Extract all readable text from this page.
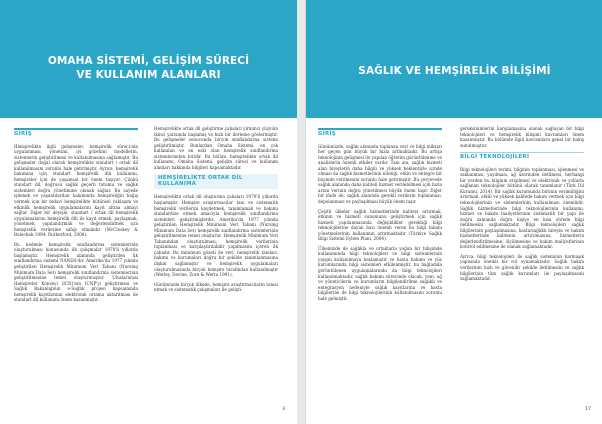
OMAHA SİSTEMİ, GELİŞİM SÜRECİ
VE KULLANIM ALANLARI
GİRİŞ

Hemşirelikte ilgili gelişmeler, hemşirelik süreci-nin uygulanması, yönetimi, iyi gözetimi modellerin, sistemlerin geliştirilmesi ve kullanılmasına sağlamıştır. Bu gelişmeler doğal olarak hemşirelikte standart / ortak dil kullanılmasını zorunlu hale getirmiştir. Ayrıca, hemşirelik bakımına için standart hemşirelik dili kullanımı, hemşireler için de yaşamsal bir önem taşıyor. Çünkü standart dil, doğrusu sağlık geçerli tutumu ve sağlık sistemleri doğru yönetimine olanak sağlar. Bu sayede işlemek ve yaşantılardan bakımında hemşireliğin bağış vermek için bir tedavi hemşirelikte bütünsel yaklaşım ve etkinlik hemşirelik uygulamalarını kayıt altına almayı sağlar. Diğer bir deyişle, standart / ortak dil hemşirelik uygulamalarını hemşirelik dili ile kayıt etmek, paylaşmak, yönetmek, yapılandırmak ve değerlendirmek için hemşirelik verilerine sahip olmalıdır (McCloskey & Bulechek,1994; Rutherford, 2008).

Bu nedenle hemşirelik sınıflandırma sistemlerinin oluşturulması konusunda ilk çalışmalar 1970'li yıllarda başlamıştır. Hemşirelik alanında geliştirilen ilk sınıflandırma sistemi NANDA'dır. Amerika'da 1977 yılında geliştirilen Hemşirelik Minimum Veri Tabanı (Nursing Minimum Data Set) hemşirelik sınıflandırma sistemlerinin geliştirilmesine temel oluşturmuştur. Uluslararası Hemşireler Konseyi (ICN)'nin ICNP'yi geliştirmesi ve Sağlık Bakanlığının e-Sağlık projesi kapsamında hemşirelik kayıtlarının elektronik ortama aktarılması ile standart dil kullanımı önem kazanmıştır.

Hemşirelikte ortak dil geliştirme çabaları yirminci yüzyılın ikinci yarısında başlamış ve hızlı bir ilerleme göstermiştir. Bu gelişmeler sonucunda birçok sınıflandırma sistemi geliştirilmiştir. Bunlardan Omaha Sistemi, en çok kullanılan ve en eski olan hemşirelik sınıflandırma sistemlerinden biridir. Bu bölüm, hemşirelikte ortak dil kullanımı, Omaha Sistemi, gelişim süreci ve kullanım alanları hakkında bilgileri kapsamaktadır.

HEMŞİRELİKTE ORTAK DİL
KULLANIMA

Hemşirelikte ortak dil oluşturma çabaları 1970'li yıllarda başlamıştır. Hemşire araştırmacılar tanı ve sistematik hemşirelik verilerini kaydetmek, tanımlamak ve bakımı standardize etmek amacıyla hemşirelik sınıflandırma sistemleri geliştirmişlerdir. Amerika'da 1977 yılında geliştirilen Hemşirelik Minimum Veri Tabanı (Nursing Minimum Data Set) hemşirelik sınıflandırma sistemlerinin geliştirilmesine temel oluşturur. Hemşirelik Minimum Veri Tabanından oluşturulması, hemşirelik verilerinin toplanması ve karşılaştırılabilir yapılmasını içeren ilk çabadır. Bu minimum gözeti de veri, hemşirelik tanıları, bakımı ve korumaları doğru bir şekilde tanımlanmasına ilişkin sağlamıştır ve hemşirelik uygulamaları oluşturulmasında birçok hemşire tarafından kullanılmıştır (Werley, Devine, Zorn & Werta 1991).

Günümüzde birçok ülkede, hemşire araştırmacıların tanısı etmek ve sistematik çalışmaları ile gelişti-

3
SAĞLIK VE HEMŞİRELİK BİLİŞİMİ
GİRİŞ

Günümüzde, sağlık alanında toplanan veri ve bilgi miktarı her geçen gün büyük bir hızla artmaktadır. Bu artışa teknolojinin gelişmesi ile yapılan öğretim görüntülenme ve analizlerin önemli etkiler vardır. Tanı anı, sağlık hizmeti alan bireylerin daha bilgili ve yüksek beklentiyle içinde olması da sağlık hizmetlerinin niteliği, etkin ve entegre bir biçimde verilmesini zorunlu hale getirmiştir. Bu çerçevede sağlık alanında daha kaliteli hizmet verilebilmesi için hızla artan verinin doğru yönetilmesi büyük önem taşır. Diğer bir ifade ile, sağlık alanında gerekli verilerin toplanması, depolanması ve paylaşılması büyük önem taşır.

Çeşitli ülkeler sağlık hizmetlerinde kaliteyi artırmak, etkinin ve hizmeti sunumunu geliştirmek için sağlık hizmeti yapılanmasında değişiklikler gerektiği bilgi teknolojilerine dayalı bazı önemli veren bu bilgi tabanı yönetmelerinin kullanımın artırmaktadır (Türkiye Sağlık Bilgi Sistemi Eylem Planı, 2004).

Ülkemizde de sağlıkla ve ortaklarla yoğun bir bilişimde kullanımında bilgi teknolojileri ve bilgi sistemlerinin yaygın kullanılmaya başlamıştır ve hasta bakımı ve yüz kurumlarında bilgi sistemleri etkilenmiştir, bu bağlamda görüntülenen uygulamalarında da bilgi teknolojileri kullanılmaktadır, sağlık bakımı sürecinde olacak, yeni, ağ ve yöneticilerin ve kurumların bilgilendirilme sağlıklı ve entegrasyon nedeniyle sağlık kayıtlarına ve hasta bilgilerine de bilgi teknolojilerinin kullanılmasını zorunlu hale gelmiştir.

gereksinimlerini karşılamasına olanak sağlayan bir bilgi teknolojileri ve hemşirelik bilişimi kavramları önem kazanmıştır. Bu bölümde ilgili kavramlara genel bir bakış sunulmuştur.

BİLGİ TEKNOLOJİLERİ

Bilgi teknolojileri terimi, bilginin toplanması, işlenmesi ve saklanması, yayılması, ağ üzerinden iletilmesi, herhangi bir yerden bu bilginin erişilmesi ve elektronik ve yollarla sağlanan teknolojiler bütünü olarak tanımlanır (Türk Dil Kurumu, 2014). Bir sağlık kurumunda birimin verimliliğini artırmak, etkili ve yüksek kalitede bakım vermek için bilgi teknolojilerinin ve sistemlerinin kullanılması önemlidir. Sağlık hizmetlerinde bilgi teknolojilerinin kullanımı, hizmet ve bakım faaliyetlerinin sistematik bir yapı ile doğru zamanda doğru kişiye en kısa sürede bilgi iletilmesini sağlamaktadır. Bilgi teknolojileri sağlık bilgilerinin paylaşılmasına, hasta/sağlıklı bireyin ve bakım hizmetlerinde kalitenin artırılmasına, hizmetlerin değerlendirilmesine, ölçülmesine ve bakım maliyetlerinin kontrol edilmesine de olanak sağlamaktadır.

Ayrıca, bilgi teknolojileri ile sağlık sisteminin karmaşık yapısında önemli bir rol oynamaktadır. Sağlık bakım verilerinin hızlı ve güvenilir şekilde iletilmesini ve sağlık bilgilerinin tüm sağlık kurumları ile paylaşılmasını sağlamaktadır.

17
